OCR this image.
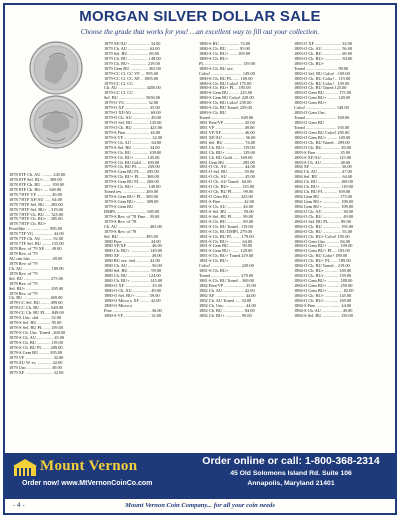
MORGAN SILVER DOLLAR SALE
Choose the grade that works for you! …an excellent way to fill out your collection.
1878 8TF Ch. AU .......... 245.00
1878 8TF Sel. BU+ .... 309.00
1878 8TF Ch. BU ......... 359.00
1878 8TF Ch. BU+ .... 649.00
1878 7/8TF VF ............. 49.00
1878 7/8TF XF/AU ...... 64.00
1878 7/8TF Sel. BU .... 285.00
1878 7/8TF Sel. BU+ .. 319.00
1878 7/8TF Ch. BU ..... 325.00
1878 7/8TF Ch. BU+ .. 385.00
1878 7/8TF Ch. BU+
Prooflike ..................... 985.00
1878 7TF VG ................. 44.00
1878 7TF Ch. AU .......... 92.00
1878 7TF Sel. BU ........ 155.00
1878 Rev. of '79 XF ..... 49.00
1878 Rev. of '79
AU rim hits ................... 49.00
1878 Rev. of '79
Ch. AU ......................... 189.00
1878 Rev. of '79
Sel. BU ........................ 275.00
1878 Rev. of '79
Sel. BU+ ...................... 295.00
1878 Rev. of '79
Ch. BU ........................ 469.00
1878-CC Sel. BU ........ 499.00
1878-CC Ch. BU ......... 649.00
1878-CC Ch. BU PL .... 849.00
1878-S Unc. cbd. ......... 52.00
1878-S Sel. BU ............ 95.00
1878-S Sel. BU PL ...... 159.00
1878-S Ch. Unc. Toned ..268.00
1878-S Ch. AU ............... 45.00
1878-S Ch. BU ............ 119.00
1878-S Ch. BU PL ...... 209.00
1878-S Gem BU ......... 395.00
1879 VF ......................... 32.00
1879 AU W. sv. ............. 42.00
1879 Unc. ..................... 49.00
1879 XF ......................... 32.00
1879 XF/AU .................... 34.00
1879 Ch. AU ................... 62.00
1879 Sel. BU .................. 69.00
1879 Ch. BU .................. 149.00
1879 Ch. BU+ ............... 219.00
1879 Gem BU ................ 365.00
1879-CC Cl. CC VF .... 995.00
1879-CC Cl. CC XF .. 1895.00
1879-CC Cl. CC
Ch. AU ......................... 4450.00
1879-CC Cl. CC
Sel. BU ........................ 5650.00
1879-O VG .................... 32.00
1879-O XF ...................... 35.00
1879-O XF/AU ................ 69.00
1879-O Ch. AU ................ 49.00
1879-O Sel. BU .............. 145.00
1879-O Ch. BU ............... 425.00
1879-S Fine ..................... 44.00
1879-S VF ......................... 32.00
1879-S Ch. AU ................. 64.00
1879-S Sel. BU ............... 34.00
1879-S Ch. BU ............... 109.00
1879-S Ch. BU+ ........... 145.00
1879-S Ch. BU Gold .... 169.00
1879-S Ch. BU PL ........ 239.00
1879-S Gem BU PL ..... 295.00
1879-S Ch. BU+ PL ..... 369.00
1879-S Gem BU PL ..... 269.00
1879-S Ch. BU+ ............ 149.00
Toned rev. .................... 269.00
1879-S Gem BU+ PL .. 369.00
1879-S Gem BU+ ........ 389.00
1879-S Gem BU
DMPL ........................... 685.00
1879-S Rev. of '78 Fine .. 39.00
1879-S Rev. of '78
Ch. AU ............................ 465.00
1879-S Rev. of '78
Sel. BU ........................ 495.00
1880 Fine ......................... 44.00
1880 VF/XF ...................... 46.00
1880 Ch. BU+ ................. 149.00
1880 XF ............................ 49.00
1880 BU sev. cbd. ........... 42.00
1880 Ch. AU ..................... 56.00
1880 Sel. BU .................... 99.00
1880 Ch. BU .................. 124.00
1880 Ch. BU+ ................. 145.00
1880-O XF ........................ 35.00
1880-O Ch. AU ................ 49.00
1880-O Sel. BU+ ............ 59.00
1880-O Micro o XF ......... 42.00
1880-O Micro o
Fine ................................... 36.00
1880-S VF ........................ 32.00
1880-S BU .................. 74.00
1880-S Ch. BU ........... 95.00
1880-S Ch. BU+ ....... 109.00
1880-S Ch. BU+
PL .................................. 139.00
1880-S Ch. BU sev.
Color! ............................ 149.00
1880-S Ch. BU PL ...... 169.00
1880-S Ch. BU Color! 175.00
1880-S Ch. BU+ PL .. 195.00
1880-S Gem BU ......... 225.00
1880-S Gem BU Color! 229.00
1880-S Ch. BU Color! 239.00
1880-S Ch. BU Toned. 259.00
1880-S Ch. BU
Toned ........................... 649.00
1881 Fine/VF .................. 45.00
1881 VF .......................... 49.00
1881 VF/XF .................... 46.00
1881 XF/AU .................... 56.00
1881 Sel. BU ................... 74.00
1881 Ch. BU+ ............... 119.00
1881 Ch. BU+ ............... 129.00
1881 Ch. BU Gold ...... 169.00
1881 Gem BU ............... 285.00
1881-O Ch. AU ............... 44.00
1881-O Sel. BU .............. 59.00
1881-O Ch. AU ............... 45.00
1881-O Ch. AU Toned . 64.00
1881-O Ch. BU+ .......... 135.00
1881-O Ch. BU PL ........ 99.00
1881-O Gem BU ......... 225.00
1881-S Fine .................... 42.00
1881-S Ch. AU .............. 46.00
1881-S Sel. BU .............. 59.00
1881-S Sel. BU PL ........ 99.00
1881-S Ch. BU .............. 89.00
1881-S Ch. BU Toned . 119.00
1881-S Ch. BU DMPL 279.00
1881-S Ch. BU PL ....... 179.00
1881-S Ch. BU+ ........... 64.00
1881-S Gem BU ........... 99.00
1881-S Gem BU+ ....... 129.00
1881-S Ch. BU+ Toned 219.00
1881-S Ch. BU+
Color! ........................... 229.00
1881-S Ch. BU+
Toned ........................... 279.00
1881-S Ch. BU Toned .. 369.00
1882 Fine/VF ................... 35.00
1882 Ch. AU ................... 42.00
1882 XF ........................... 44.00
1882 Ch. AU Toned ..... 34.00
1882 Ch. Unc. .................. 44.00
1882 Ch. BU ................... 84.00
1882 Ch. BU+ .............. 99.00
1883-O XF ........................ 34.00
1883-O Ch. AU ................. 56.00
1883-O Ch. BU ................. 69.00
1883-O Ch. BU+ ............... 84.00
1883-O Ch. BU+
Toned ............................. 99.00
1883-O Sel. BU Color! . 109.00
1883-O Ch. BU Color! .. 119.00
1883-O Ch. BU Color! . 139.00
1883-O Ch. BU Toned 125.00
1883-O Gem BU ............ 175.00
1883-O Gem BU+ ......... 149.00
1883-O Gem BU+
Color! ........................... 149.00
1883-O Gem Unc.
Toned ............................ 169.00
1883-O Gem BU
Toned ............................ 195.00
1883-O Gem BU Color! 295.00
1883-O Gem BU+ ......... 149.00
1883-O Ch. BU Toned .. 299.00
1883-O Ch. BU ................ 39.00
1883-S Fine ..................... 35.00
1883-S XF/AU ............... 125.00
1883-S Ch. AU ................ 48.00
1884 XF ............................ 36.00
1884 Ch. AU ..................... 47.00
1884 Sel. BU ..................... 64.00
1884 Ch. BU .................... 169.00
1884 Ch. BU+ .................. 119.00
1884 Ch. BU PL ............ 169.00
1884 Gem BU ................. 175.00
1884 Gem BU+ ................ 199.00
1884 Gem BU+ ................ 109.00
1884-O Ch. AU .................. 38.00
1884-O Ch. BU .................. 49.00
1884-O Sel. BU PL .......... 89.00
1884-O Ch. BU ................ 195.00
1884-O Ch. BU ................. 55.00
1884-O Ch. BU+ Color! 195.00
1884-O Gem Unc. ........... 84.00
1884-O Gem BU+ ........... 109.00
1884-O Gem BU+ PL ... 105.00
1884-O Ch. BU Color! 189.00
1884-O Ch. BU+ PL ...... 189.00
1884-O Ch. BU Toned .. 219.00
1884-O Ch. BU+ ............ 169.00
1884-O Ch. BU+ ............ 159.00
1884-O Gem BU+ ........... 189.00
1884-O Gem BU+ ........... 259.00
1884-O Gem BU+ .............. 82.00
1884-O Ch. BU+ ............ 145.00
1884-O Ch. BU+ ............ 169.00
1884-S Fine ...................... 44.00
1884-S Ch. AU .................. 49.00
1884-S Sel. BU ................ 159.00
Mount Vernon
Order now! www.MtVernonCoinCo.com
Order online or call: 1-800-368-2314
45 Old Solomons Island Rd. Suite 106
Annapolis, Maryland 21401
- 4 -	Mount Vernon Coin Company... for all your coin needs
